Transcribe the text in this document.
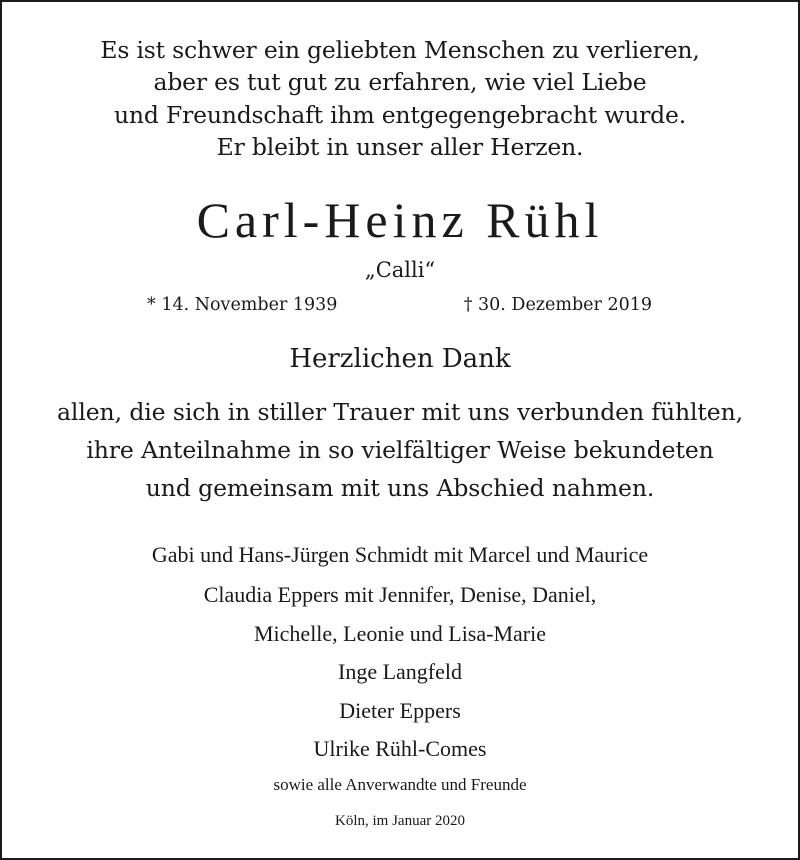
Es ist schwer ein geliebten Menschen zu verlieren,
aber es tut gut zu erfahren, wie viel Liebe
und Freundschaft ihm entgegengebracht wurde.
Er bleibt in unser aller Herzen.
Carl-Heinz Rühl
„Calli“
* 14. November 1939	† 30. Dezember 2019
Herzlichen Dank
allen, die sich in stiller Trauer mit uns verbunden fühlten,
ihre Anteilnahme in so vielfältiger Weise bekundeten
und gemeinsam mit uns Abschied nahmen.
Gabi und Hans-Jürgen Schmidt mit Marcel und Maurice
Claudia Eppers mit Jennifer, Denise, Daniel,
Michelle, Leonie und Lisa-Marie
Inge Langfeld
Dieter Eppers
Ulrike Rühl-Comes
sowie alle Anverwandte und Freunde
Köln, im Januar 2020
